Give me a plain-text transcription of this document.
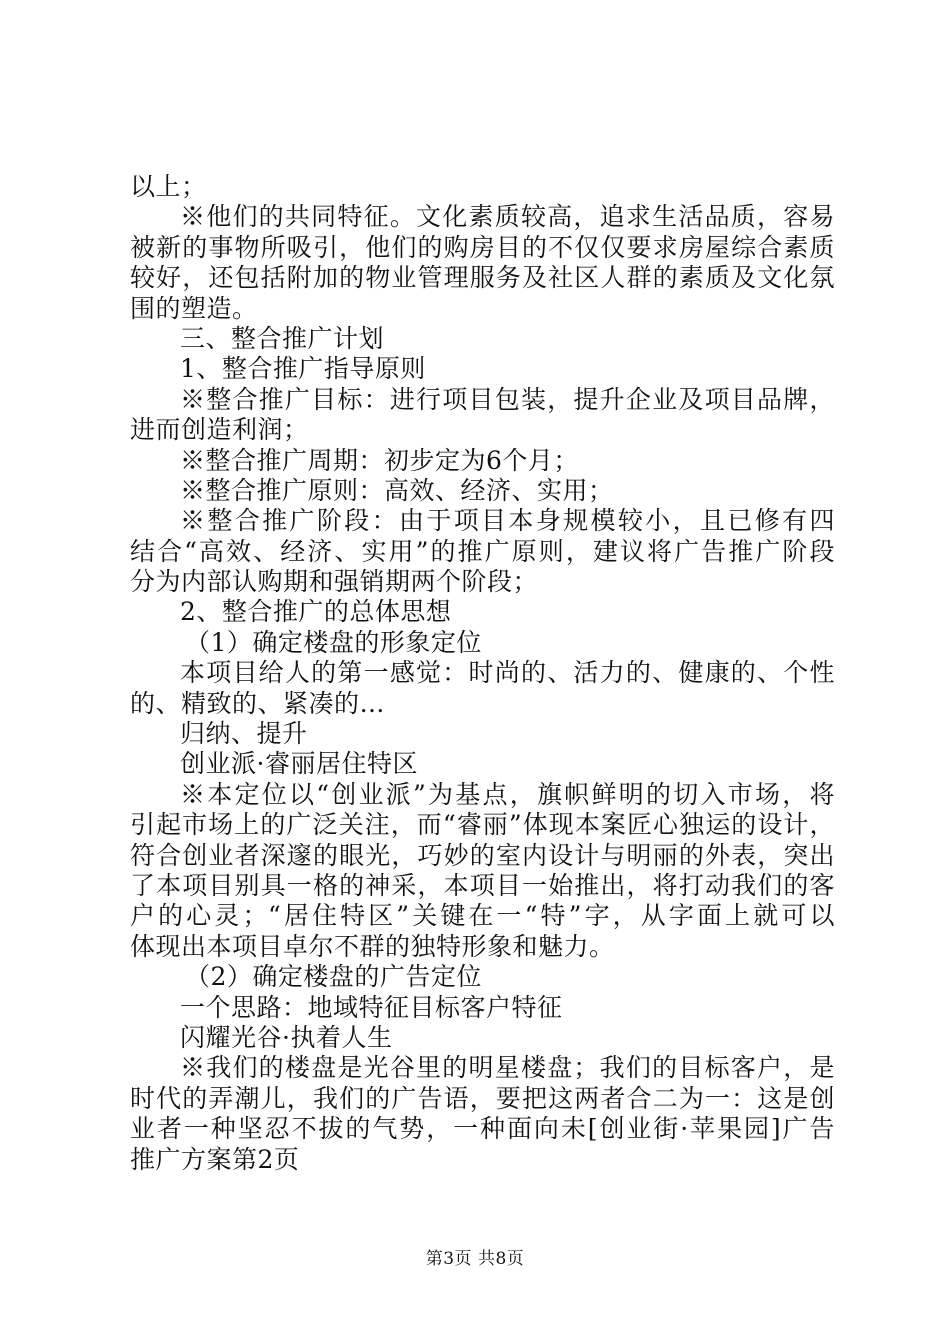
以上；
※他们的共同特征。文化素质较高，追求生活品质，容易
被新的事物所吸引，他们的购房目的不仅仅要求房屋综合素质
较好，还包括附加的物业管理服务及社区人群的素质及文化氛
围的塑造。
三、整合推广计划
1、整合推广指导原则
※整合推广目标：进行项目包装，提升企业及项目品牌，
进而创造利润；
※整合推广周期：初步定为6个月；
※整合推广原则：高效、经济、实用；
※整合推广阶段：由于项目本身规模较小，且已修有四
结合“高效、经济、实用”的推广原则，建议将广告推广阶段
分为内部认购期和强销期两个阶段；
2、整合推广的总体思想
（1）确定楼盘的形象定位
本项目给人的第一感觉：时尚的、活力的、健康的、个性
的、精致的、紧凑的…
归纳、提升
创业派·睿丽居住特区
※本定位以“创业派”为基点，旗帜鲜明的切入市场，将
引起市场上的广泛关注，而“睿丽”体现本案匠心独运的设计，
符合创业者深邃的眼光，巧妙的室内设计与明丽的外表，突出
了本项目别具一格的神采，本项目一始推出，将打动我们的客
户的心灵；“居住特区”关键在一“特”字，从字面上就可以
体现出本项目卓尔不群的独特形象和魅力。
（2）确定楼盘的广告定位
一个思路：地域特征目标客户特征
闪耀光谷·执着人生
※我们的楼盘是光谷里的明星楼盘；我们的目标客户，是
时代的弄潮儿，我们的广告语，要把这两者合二为一：这是创
业者一种坚忍不拔的气势，一种面向未[创业街·苹果园]广告
推广方案第2页
第3页 共8页
